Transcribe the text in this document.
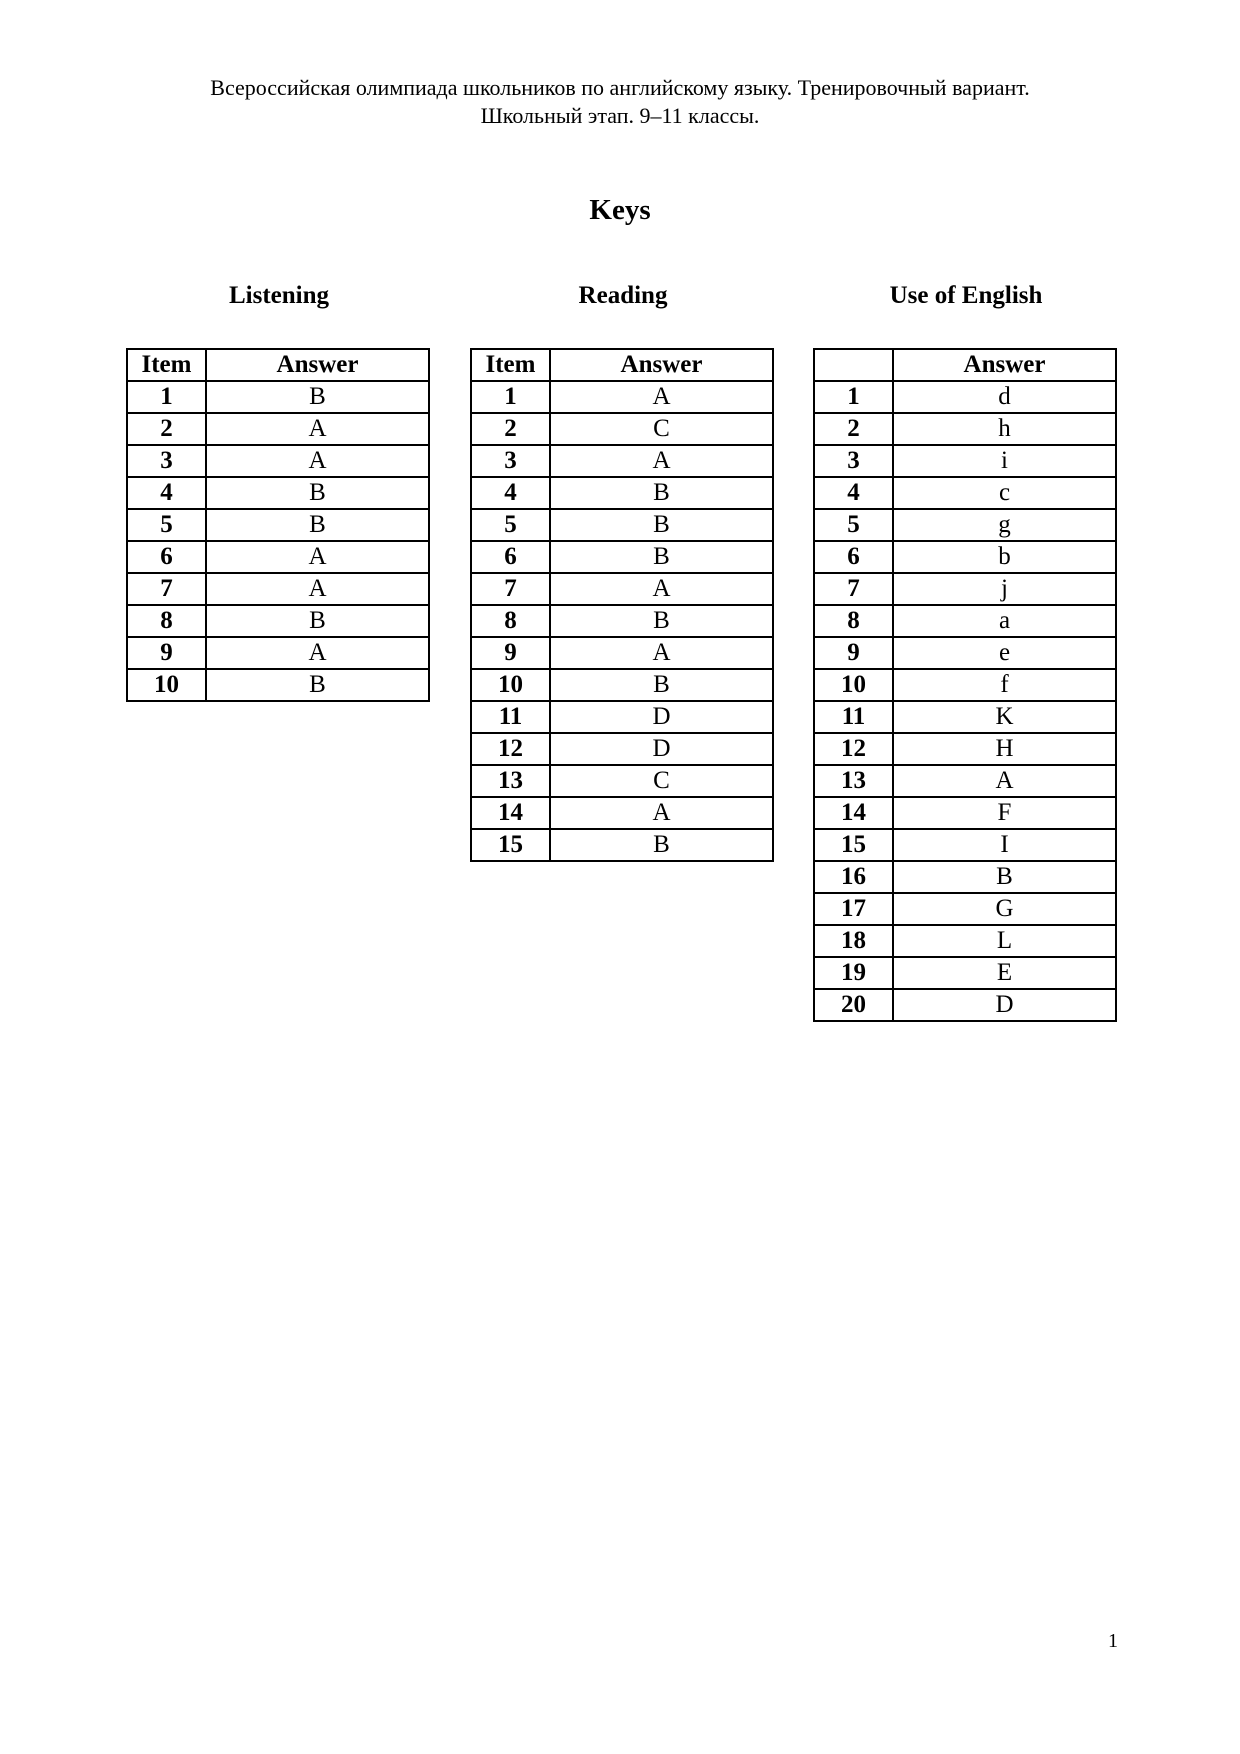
Всероссийская олимпиада школьников по английскому языку. Тренировочный вариант.
Школьный этап. 9–11 классы.
Keys
Listening	Reading	Use of English
Item	Answer
1	B
2	A
3	A
4	B
5	B
6	A
7	A
8	B
9	A
10	B
Item	Answer
1	A
2	C
3	A
4	B
5	B
6	B
7	A
8	B
9	A
10	B
11	D
12	D
13	C
14	A
15	B
	Answer
1	d
2	h
3	i
4	c
5	g
6	b
7	j
8	a
9	e
10	f
11	K
12	H
13	A
14	F
15	I
16	B
17	G
18	L
19	E
20	D
1
